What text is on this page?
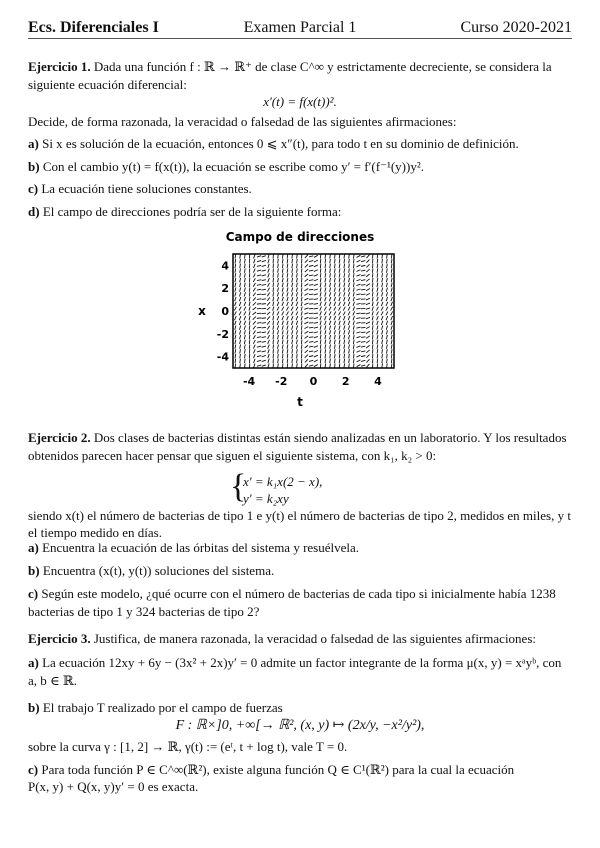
Ecs. Diferenciales I	Examen Parcial 1	Curso 2020-2021
Ejercicio 1. Dada una función f : ℝ → ℝ⁺ de clase C^∞ y estrictamente decreciente, se considera la
siguiente ecuación diferencial:
x′(t) = f(x(t))².
Decide, de forma razonada, la veracidad o falsedad de las siguientes afirmaciones:
a) Si x es solución de la ecuación, entonces 0 ⩽ x″(t), para todo t en su dominio de definición.
b) Con el cambio y(t) = f(x(t)), la ecuación se escribe como y′ = f′(f⁻¹(y))y².
c) La ecuación tiene soluciones constantes.
d) El campo de direcciones podría ser de la siguiente forma:
Campo de direcciones
-4 -2 0 2 4
4
2
0
-2
-4
t
x
Ejercicio 2. Dos clases de bacterias distintas están siendo analizadas en un laboratorio. Y los resultados
obtenidos parecen hacer pensar que siguen el siguiente sistema, con k₁, k₂ > 0:
{
x′ = k₁x(2 − x),
y′ = k₂xy
siendo x(t) el número de bacterias de tipo 1 e y(t) el número de bacterias de tipo 2, medidos en miles, y t
el tiempo medido en días.
a) Encuentra la ecuación de las órbitas del sistema y resuélvela.
b) Encuentra (x(t), y(t)) soluciones del sistema.
c) Según este modelo, ¿qué ocurre con el número de bacterias de cada tipo si inicialmente había 1238
bacterias de tipo 1 y 324 bacterias de tipo 2?
Ejercicio 3. Justifica, de manera razonada, la veracidad o falsedad de las siguientes afirmaciones:
a) La ecuación 12xy + 6y − (3x² + 2x)y′ = 0 admite un factor integrante de la forma μ(x, y) = xᵃyᵇ, con
a, b ∈ ℝ.
b) El trabajo T realizado por el campo de fuerzas
F : ℝ×]0, +∞[→ ℝ², (x, y) ↦ (2x/y, −x²/y²),
sobre la curva γ : [1, 2] → ℝ, γ(t) := (eᵗ, t + log t), vale T = 0.
c) Para toda función P ∈ C^∞(ℝ²), existe alguna función Q ∈ C¹(ℝ²) para la cual la ecuación
P(x, y) + Q(x, y)y′ = 0 es exacta.
